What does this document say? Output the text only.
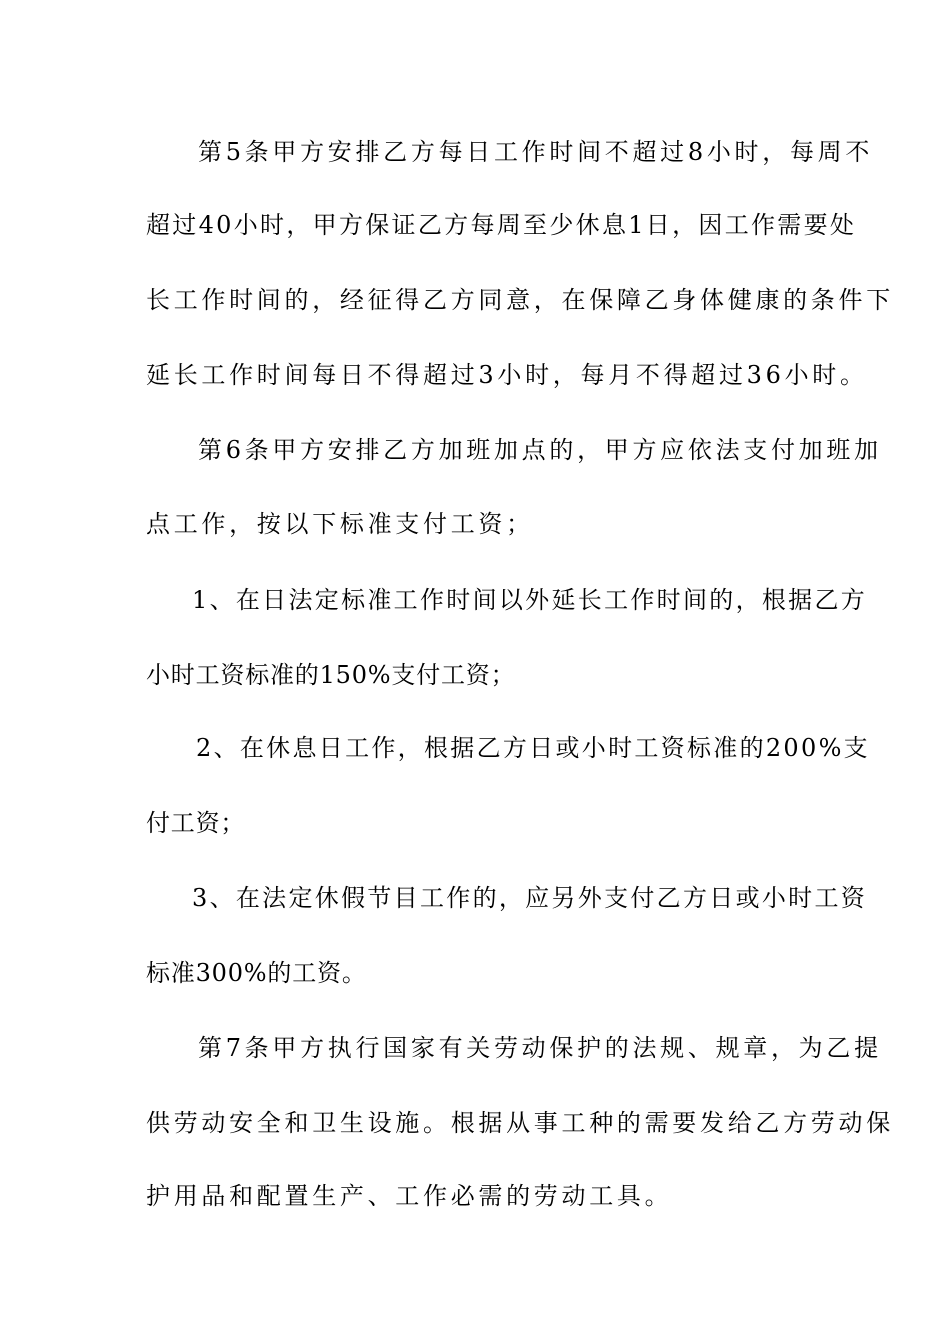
第5条甲方安排乙方每日工作时间不超过8小时，每周不
超过40小时，甲方保证乙方每周至少休息1日，因工作需要处
长工作时间的，经征得乙方同意，在保障乙身体健康的条件下
延长工作时间每日不得超过3小时，每月不得超过36小时。
第6条甲方安排乙方加班加点的，甲方应依法支付加班加
点工作，按以下标准支付工资；
1、在日法定标准工作时间以外延长工作时间的，根据乙方
小时工资标准的150%支付工资；
2、在休息日工作，根据乙方日或小时工资标准的200%支
付工资；
3、在法定休假节目工作的，应另外支付乙方日或小时工资
标准300%的工资。
第7条甲方执行国家有关劳动保护的法规、规章，为乙提
供劳动安全和卫生设施。根据从事工种的需要发给乙方劳动保
护用品和配置生产、工作必需的劳动工具。
